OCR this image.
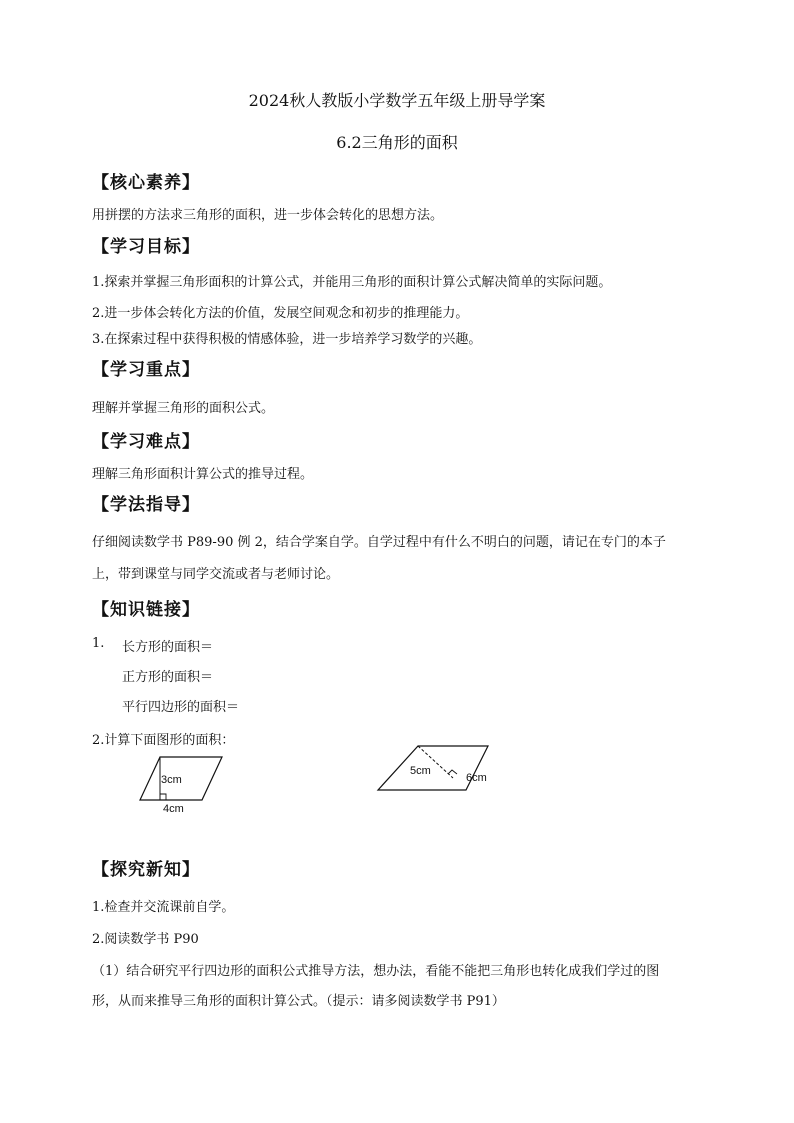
2024秋人教版小学数学五年级上册导学案
6.2三角形的面积
【核心素养】
用拼摆的方法求三角形的面积，进一步体会转化的思想方法。
【学习目标】
1.探索并掌握三角形面积的计算公式，并能用三角形的面积计算公式解决简单的实际问题。
2.进一步体会转化方法的价值，发展空间观念和初步的推理能力。
3.在探索过程中获得积极的情感体验，进一步培养学习数学的兴趣。
【学习重点】
理解并掌握三角形的面积公式。
【学习难点】
理解三角形面积计算公式的推导过程。
【学法指导】
仔细阅读数学书 P89-90 例 2，结合学案自学。自学过程中有什么不明白的问题，请记在专门的本子
上，带到课堂与同学交流或者与老师讨论。
【知识链接】
1. 长方形的面积＝
正方形的面积＝
平行四边形的面积＝
2.计算下面图形的面积：
3cm
4cm
5cm
6cm
【探究新知】
1.检查并交流课前自学。
2.阅读数学书 P90
（1）结合研究平行四边形的面积公式推导方法，想办法，看能不能把三角形也转化成我们学过的图
形，从而来推导三角形的面积计算公式。（提示：请多阅读数学书 P91）
